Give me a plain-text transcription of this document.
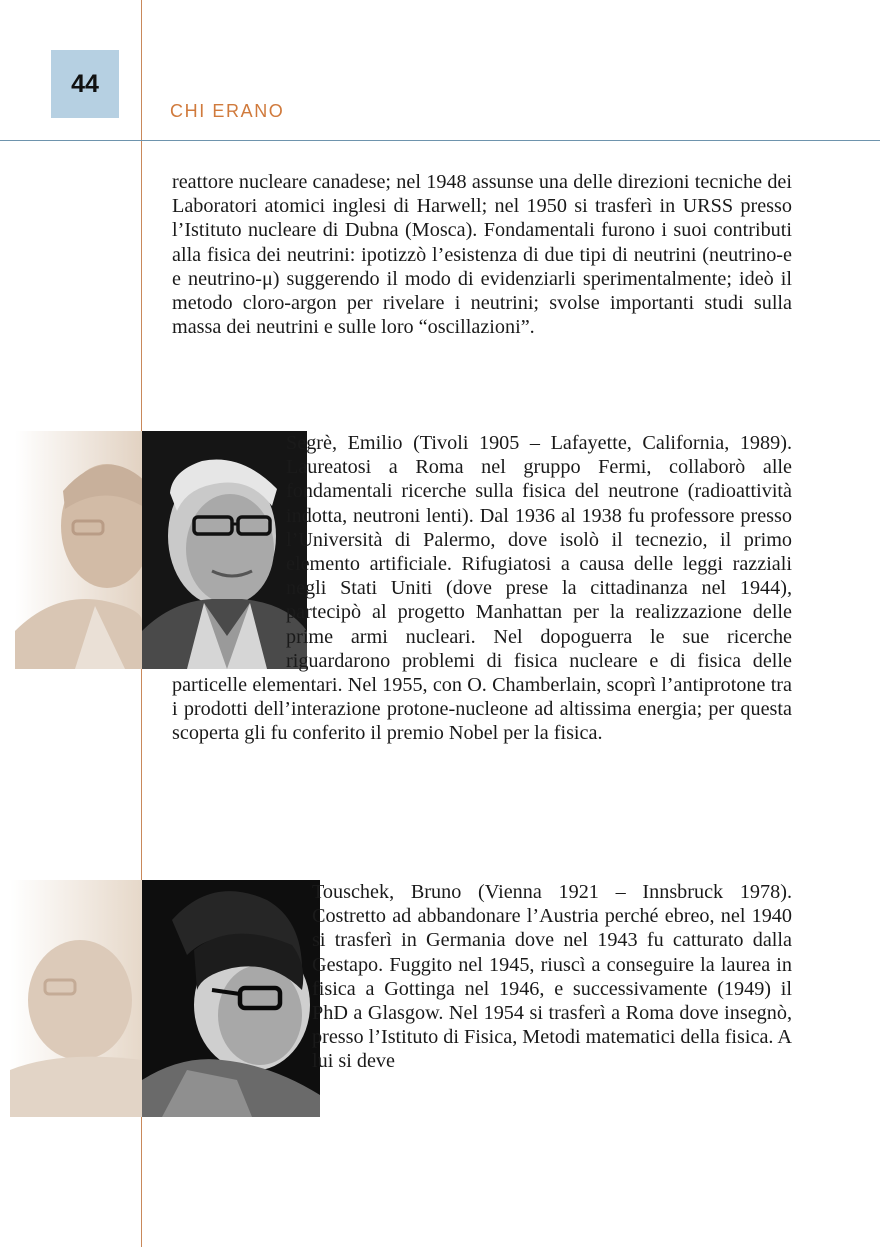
44
CHI ERANO

reattore nucleare canadese; nel 1948 assunse una delle direzioni tecniche dei Laboratori atomici inglesi di Harwell; nel 1950 si trasferì in URSS presso l’Istituto nucleare di Dubna (Mosca). Fondamentali furono i suoi contributi alla fisica dei neutrini: ipotizzò l’esistenza di due tipi di neutrini (neutrino-e e neutrino-μ) suggerendo il modo di evidenziarli sperimentalmente; ideò il metodo cloro-argon per rivelare i neutrini; svolse importanti studi sulla massa dei neutrini e sulle loro “oscillazioni”.

Segrè, Emilio (Tivoli 1905 – Lafayette, California, 1989). Laureatosi a Roma nel gruppo Fermi, collaborò alle fondamentali ricerche sulla fisica del neutrone (radioattività indotta, neutroni lenti). Dal 1936 al 1938 fu professore presso l’Università di Palermo, dove isolò il tecnezio, il primo elemento artificiale. Rifugiatosi a causa delle leggi razziali negli Stati Uniti (dove prese la cittadinanza nel 1944), partecipò al progetto Manhattan per la realizzazione delle prime armi nucleari. Nel dopoguerra le sue ricerche riguardarono problemi di fisica nucleare e di fisica delle particelle elementari. Nel 1955, con O. Chamberlain, scoprì l’antiprotone tra i prodotti dell’interazione protone-nucleone ad altissima energia; per questa scoperta gli fu conferito il premio Nobel per la fisica.

Touschek, Bruno (Vienna 1921 – Innsbruck 1978). Costretto ad abbandonare l’Austria perché ebreo, nel 1940 si trasferì in Germania dove nel 1943 fu catturato dalla Gestapo. Fuggito nel 1945, riuscì a conseguire la laurea in fisica a Gottinga nel 1946, e successivamente (1949) il PhD a Glasgow. Nel 1954 si trasferì a Roma dove insegnò, presso l’Istituto di Fisica, Metodi matematici della fisica. A lui si deve
